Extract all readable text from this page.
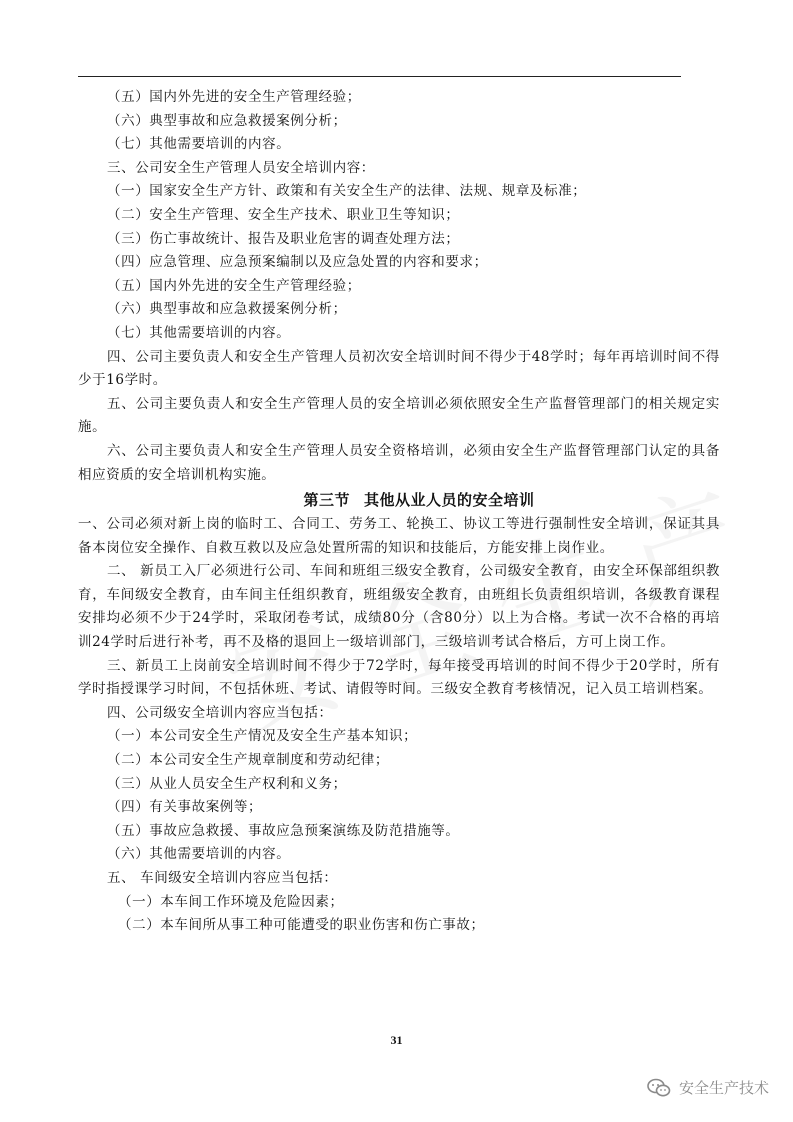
（五）国内外先进的安全生产管理经验；
（六）典型事故和应急救援案例分析；
（七）其他需要培训的内容。
三、公司安全生产管理人员安全培训内容：
（一）国家安全生产方针、政策和有关安全生产的法律、法规、规章及标准；
（二）安全生产管理、安全生产技术、职业卫生等知识；
（三）伤亡事故统计、报告及职业危害的调查处理方法；
（四）应急管理、应急预案编制以及应急处置的内容和要求；
（五）国内外先进的安全生产管理经验；
（六）典型事故和应急救援案例分析；
（七）其他需要培训的内容。
四、公司主要负责人和安全生产管理人员初次安全培训时间不得少于48学时；每年再培训时间不得少于16学时。
五、公司主要负责人和安全生产管理人员的安全培训必须依照安全生产监督管理部门的相关规定实施。
六、公司主要负责人和安全生产管理人员安全资格培训，必须由安全生产监督管理部门认定的具备相应资质的安全培训机构实施。
第三节 其他从业人员的安全培训
一、公司必须对新上岗的临时工、合同工、劳务工、轮换工、协议工等进行强制性安全培训，保证其具备本岗位安全操作、自救互救以及应急处置所需的知识和技能后，方能安排上岗作业。
二、 新员工入厂必须进行公司、车间和班组三级安全教育，公司级安全教育，由安全环保部组织教育，车间级安全教育，由车间主任组织教育，班组级安全教育，由班组长负责组织培训，各级教育课程安排均必须不少于24学时，采取闭卷考试，成绩80分（含80分）以上为合格。考试一次不合格的再培训24学时后进行补考，再不及格的退回上一级培训部门，三级培训考试合格后，方可上岗工作。
三、新员工上岗前安全培训时间不得少于72学时，每年接受再培训的时间不得少于20学时，所有学时指授课学习时间，不包括休班、考试、请假等时间。三级安全教育考核情况，记入员工培训档案。
四、公司级安全培训内容应当包括：
（一）本公司安全生产情况及安全生产基本知识；
（二）本公司安全生产规章制度和劳动纪律；
（三）从业人员安全生产权利和义务；
（四）有关事故案例等；
（五）事故应急救援、事故应急预案演练及防范措施等。
（六）其他需要培训的内容。
五、 车间级安全培训内容应当包括：
（一）本车间工作环境及危险因素；
（二）本车间所从事工种可能遭受的职业伤害和伤亡事故；
31
安全生产技术
